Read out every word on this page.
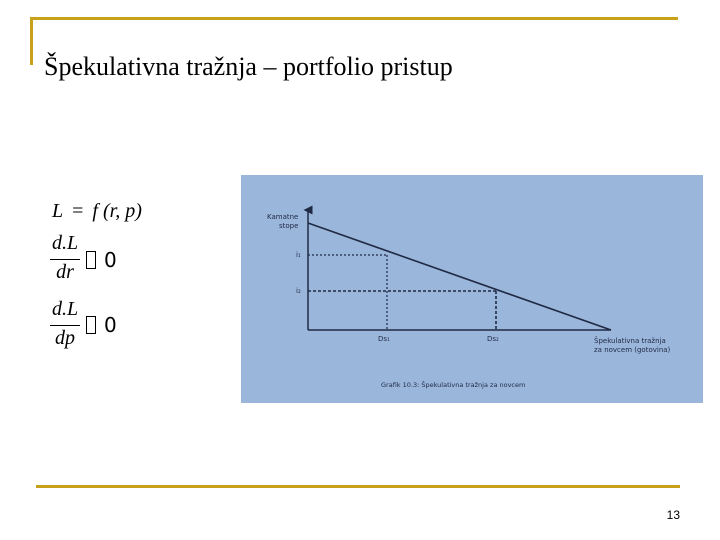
Špekulativna tražnja – portfolio pristup
L = f (r, p)
d.L
dr	0
d.L
dp
0
Kamatne
stope
i₁
i₂
Ds₁	Ds₂	Špekulativna tražnja
za novcem (gotovina)
Grafik 10.3: Špekulativna tražnja za novcem
13
